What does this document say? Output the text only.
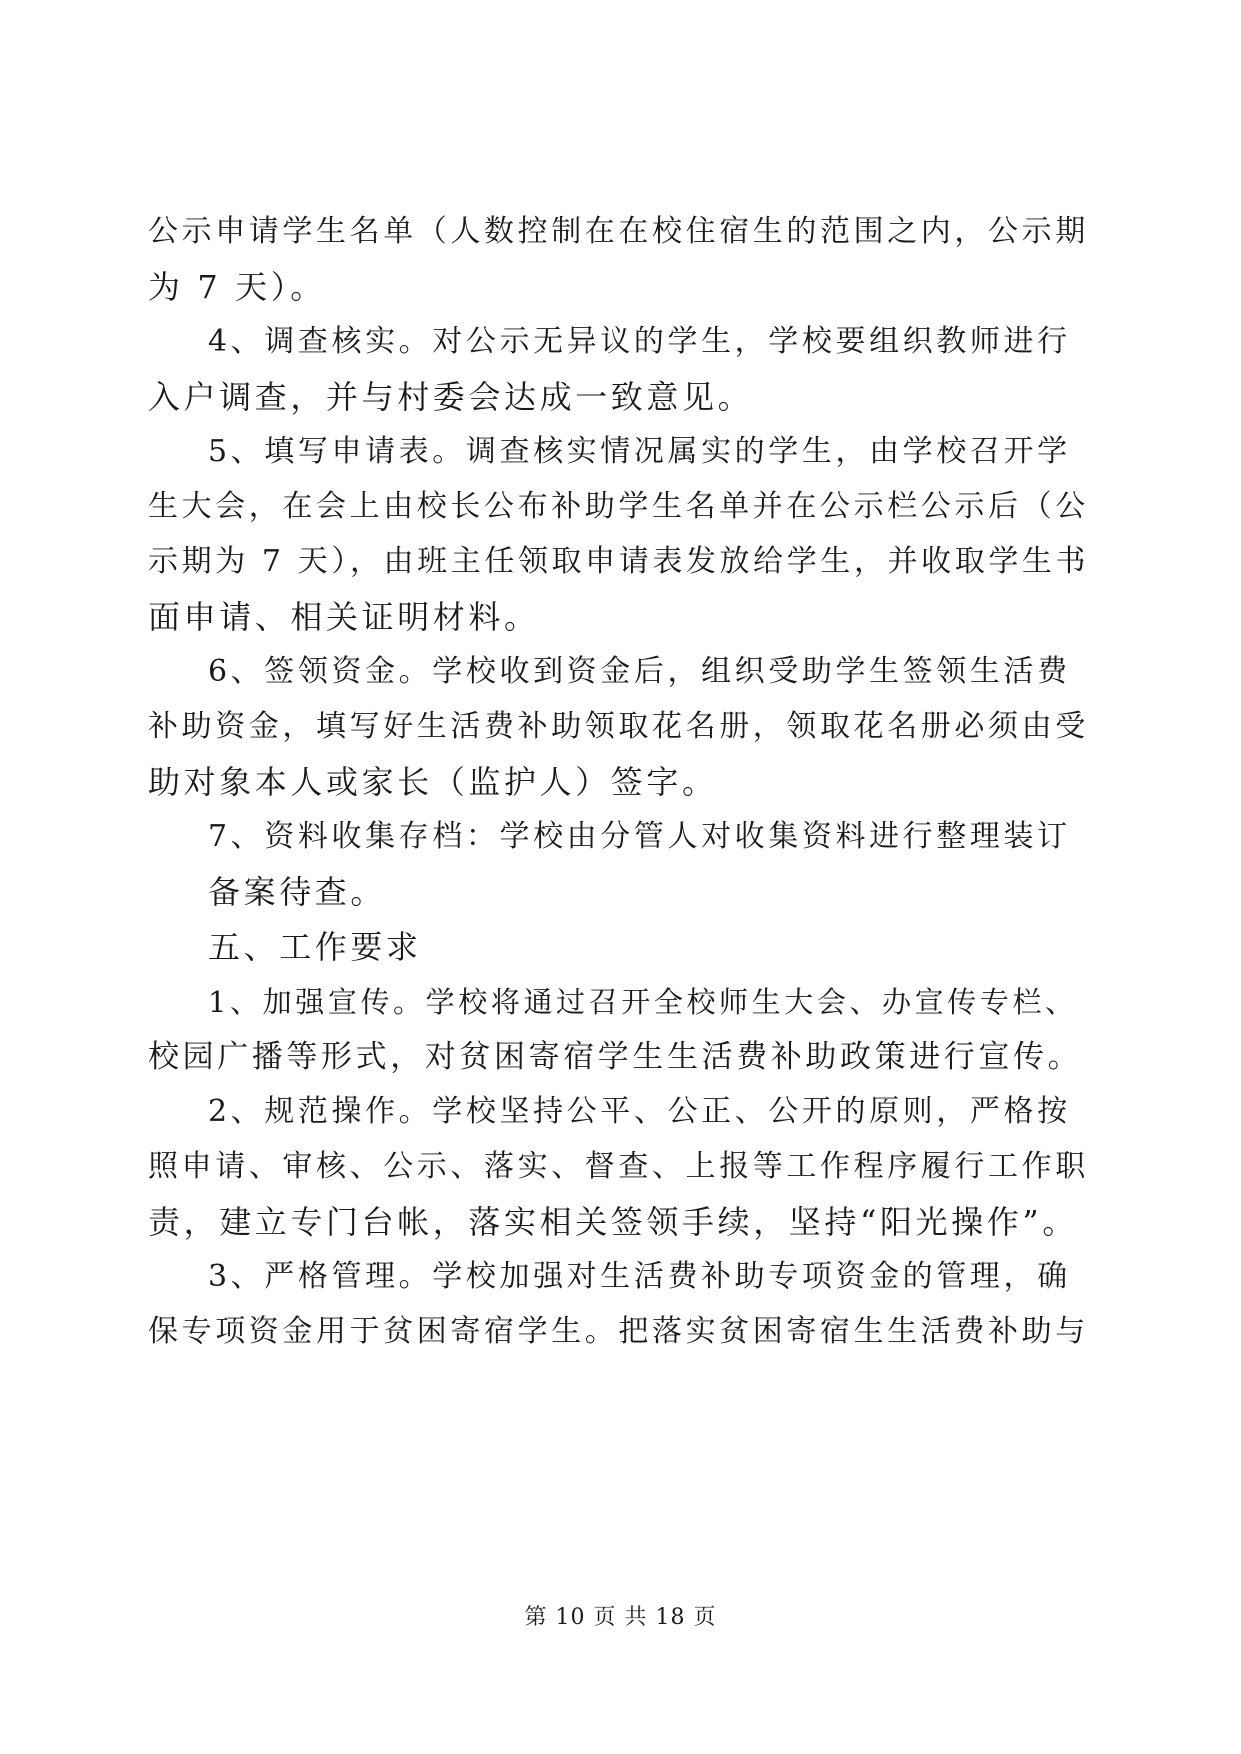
公示申请学生名单（人数控制在在校住宿生的范围之内，公示期
为 7 天）。
4、调查核实。对公示无异议的学生，学校要组织教师进行
入户调查，并与村委会达成一致意见。
5、填写申请表。调查核实情况属实的学生，由学校召开学
生大会，在会上由校长公布补助学生名单并在公示栏公示后（公
示期为 7 天），由班主任领取申请表发放给学生，并收取学生书
面申请、相关证明材料。
6、签领资金。学校收到资金后，组织受助学生签领生活费
补助资金，填写好生活费补助领取花名册，领取花名册必须由受
助对象本人或家长（监护人）签字。
7、资料收集存档：学校由分管人对收集资料进行整理装订
备案待查。
五、工作要求
1、加强宣传。学校将通过召开全校师生大会、办宣传专栏、
校园广播等形式，对贫困寄宿学生生活费补助政策进行宣传。
2、规范操作。学校坚持公平、公正、公开的原则，严格按
照申请、审核、公示、落实、督查、上报等工作程序履行工作职
责，建立专门台帐，落实相关签领手续，坚持“阳光操作”。
3、严格管理。学校加强对生活费补助专项资金的管理，确
保专项资金用于贫困寄宿学生。把落实贫困寄宿生生活费补助与
第 10 页 共 18 页
